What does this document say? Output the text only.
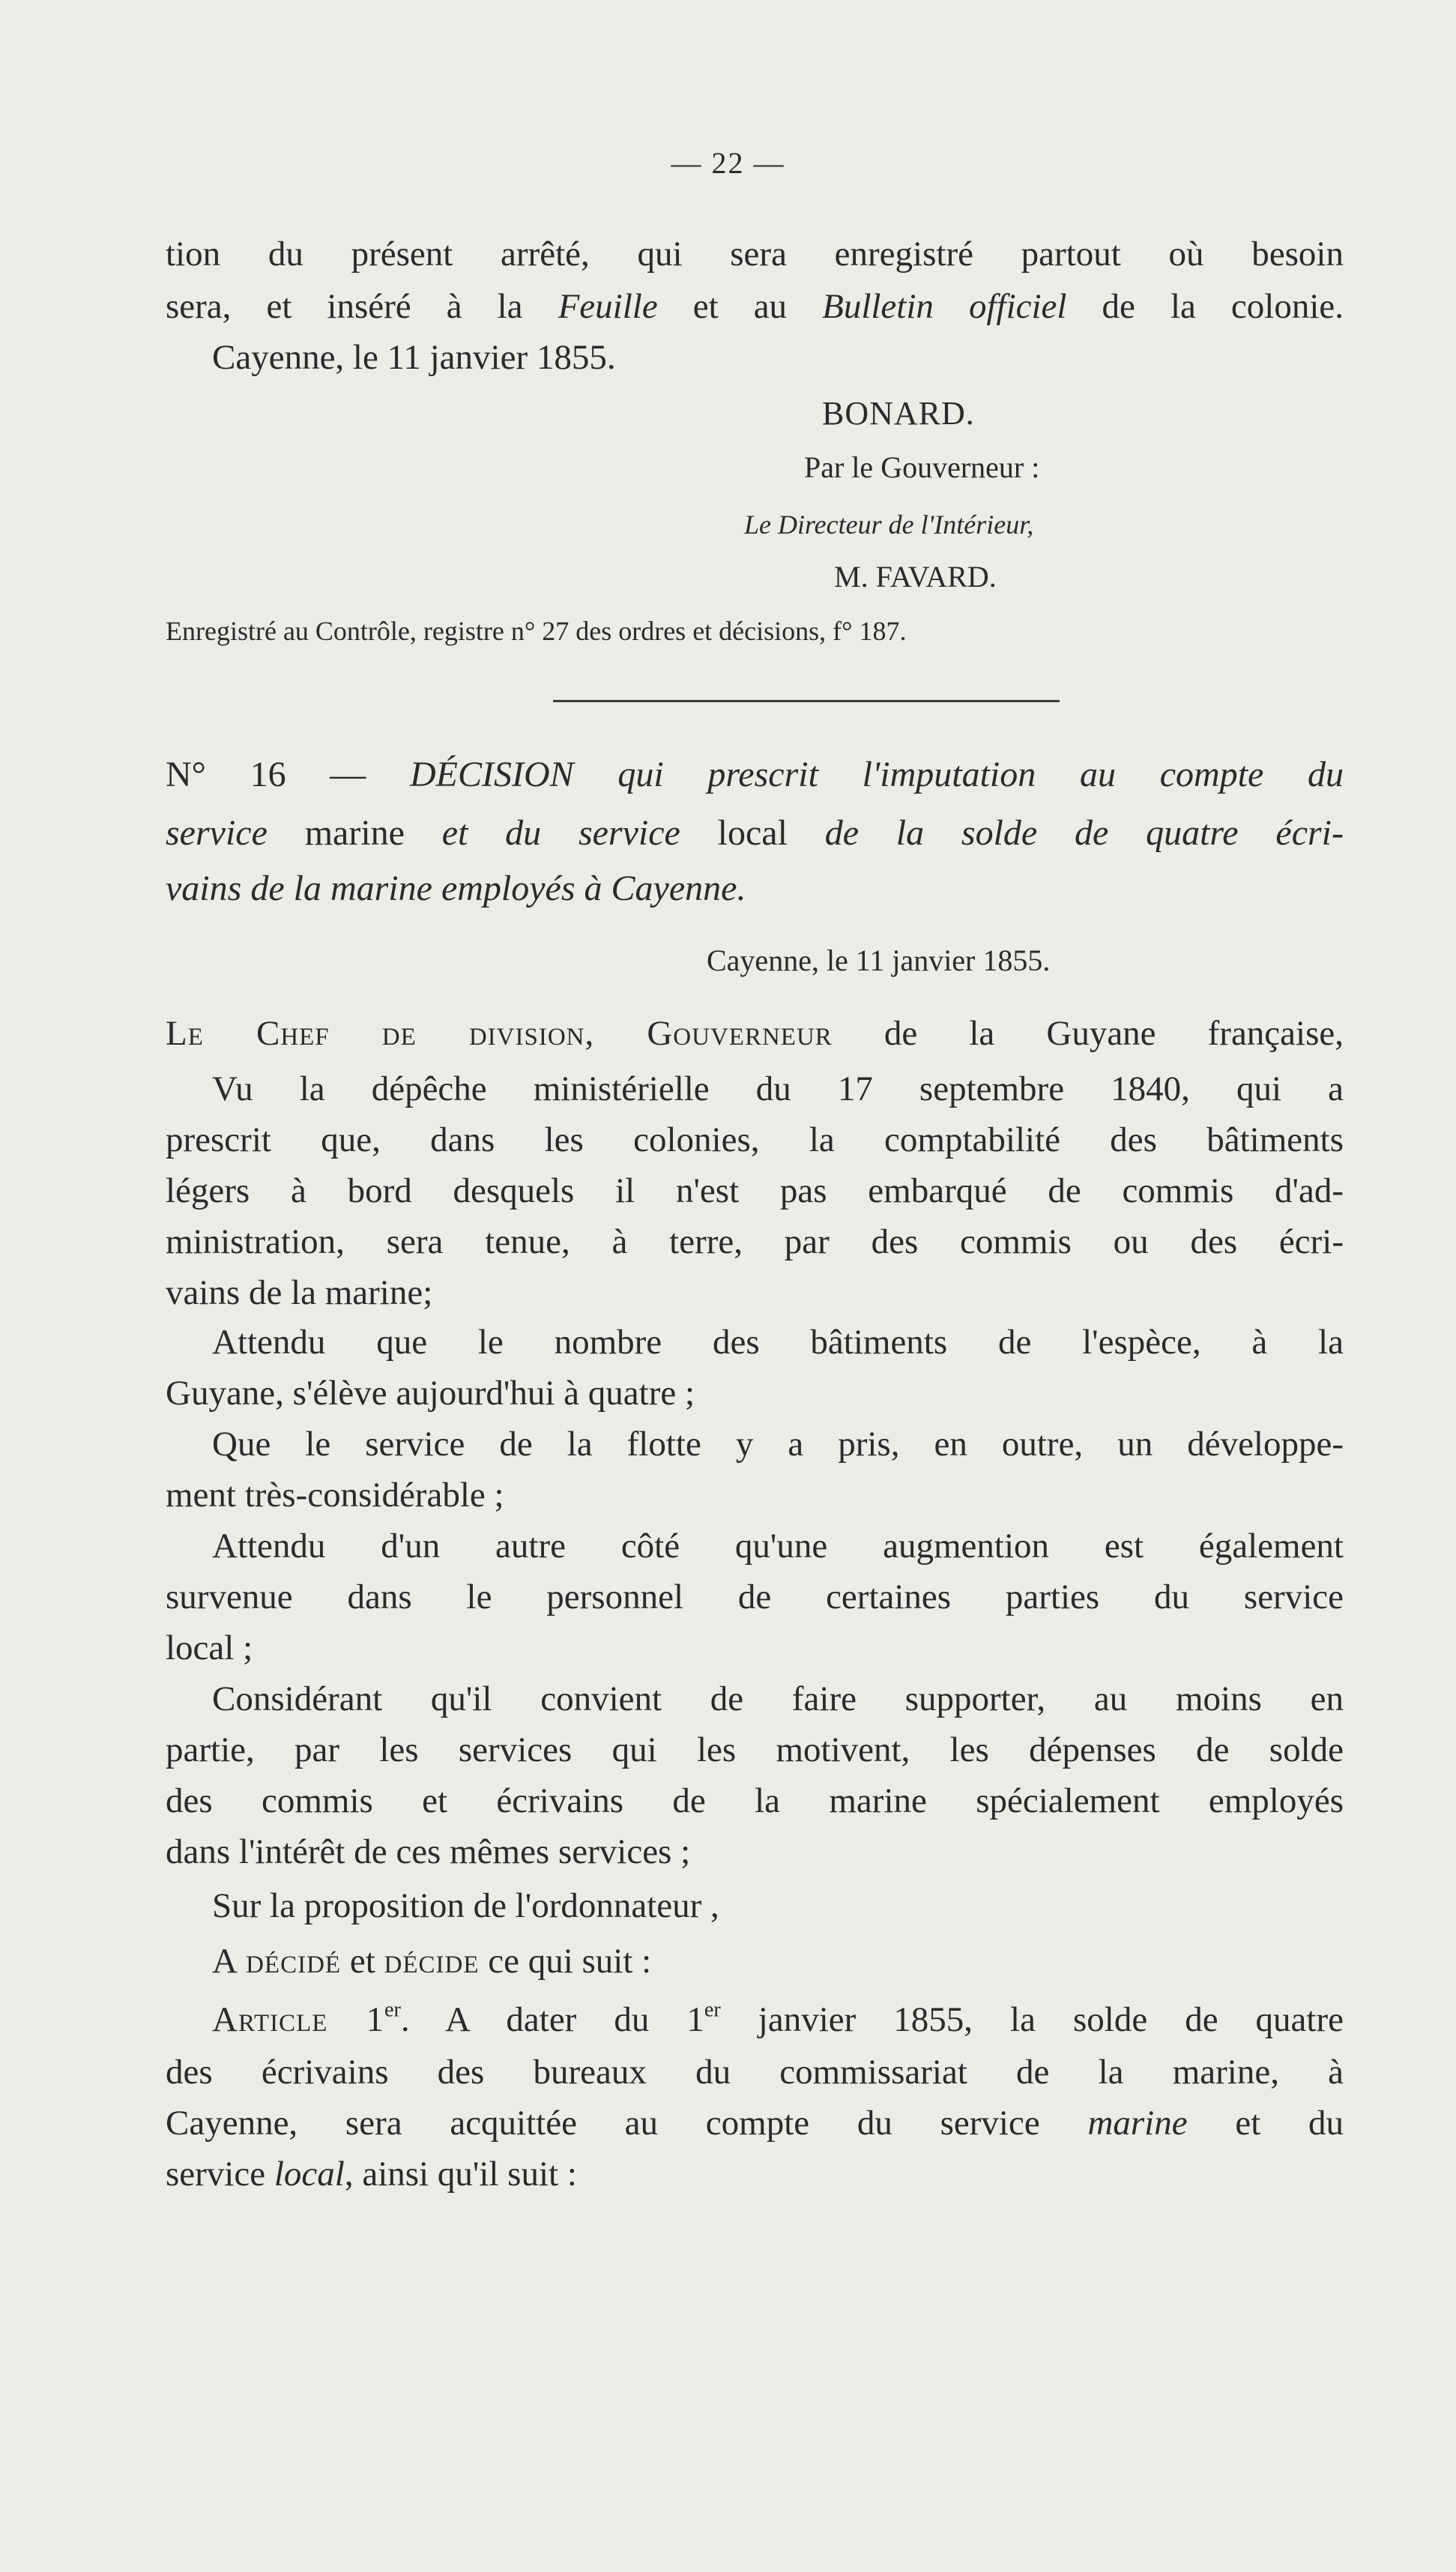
— 22 —
tion du présent arrêté, qui sera enregistré partout où besoin
sera, et inséré à la Feuille et au Bulletin officiel de la colonie.
Cayenne, le 11 janvier 1855.
BONARD.
Par le Gouverneur :
Le Directeur de l'Intérieur,
M. FAVARD.
Enregistré au Contrôle, registre n° 27 des ordres et décisions, f° 187.
N° 16 — DÉCISION qui prescrit l'imputation au compte du
service marine et du service local de la solde de quatre écri-
vains de la marine employés à Cayenne.
Cayenne, le 11 janvier 1855.
Le Chef de division, Gouverneur de la Guyane française,
Vu la dépêche ministérielle du 17 septembre 1840, qui a
prescrit que, dans les colonies, la comptabilité des bâtiments
légers à bord desquels il n'est pas embarqué de commis d'ad-
ministration, sera tenue, à terre, par des commis ou des écri-
vains de la marine;
Attendu que le nombre des bâtiments de l'espèce, à la
Guyane, s'élève aujourd'hui à quatre ;
Que le service de la flotte y a pris, en outre, un développe-
ment très-considérable ;
Attendu d'un autre côté qu'une augmention est également
survenue dans le personnel de certaines parties du service
local ;
Considérant qu'il convient de faire supporter, au moins en
partie, par les services qui les motivent, les dépenses de solde
des commis et écrivains de la marine spécialement employés
dans l'intérêt de ces mêmes services ;
Sur la proposition de l'ordonnateur ,
A décidé et décide ce qui suit :
Article 1er. A dater du 1er janvier 1855, la solde de quatre
des écrivains des bureaux du commissariat de la marine, à
Cayenne, sera acquittée au compte du service marine et du
service local, ainsi qu'il suit :
